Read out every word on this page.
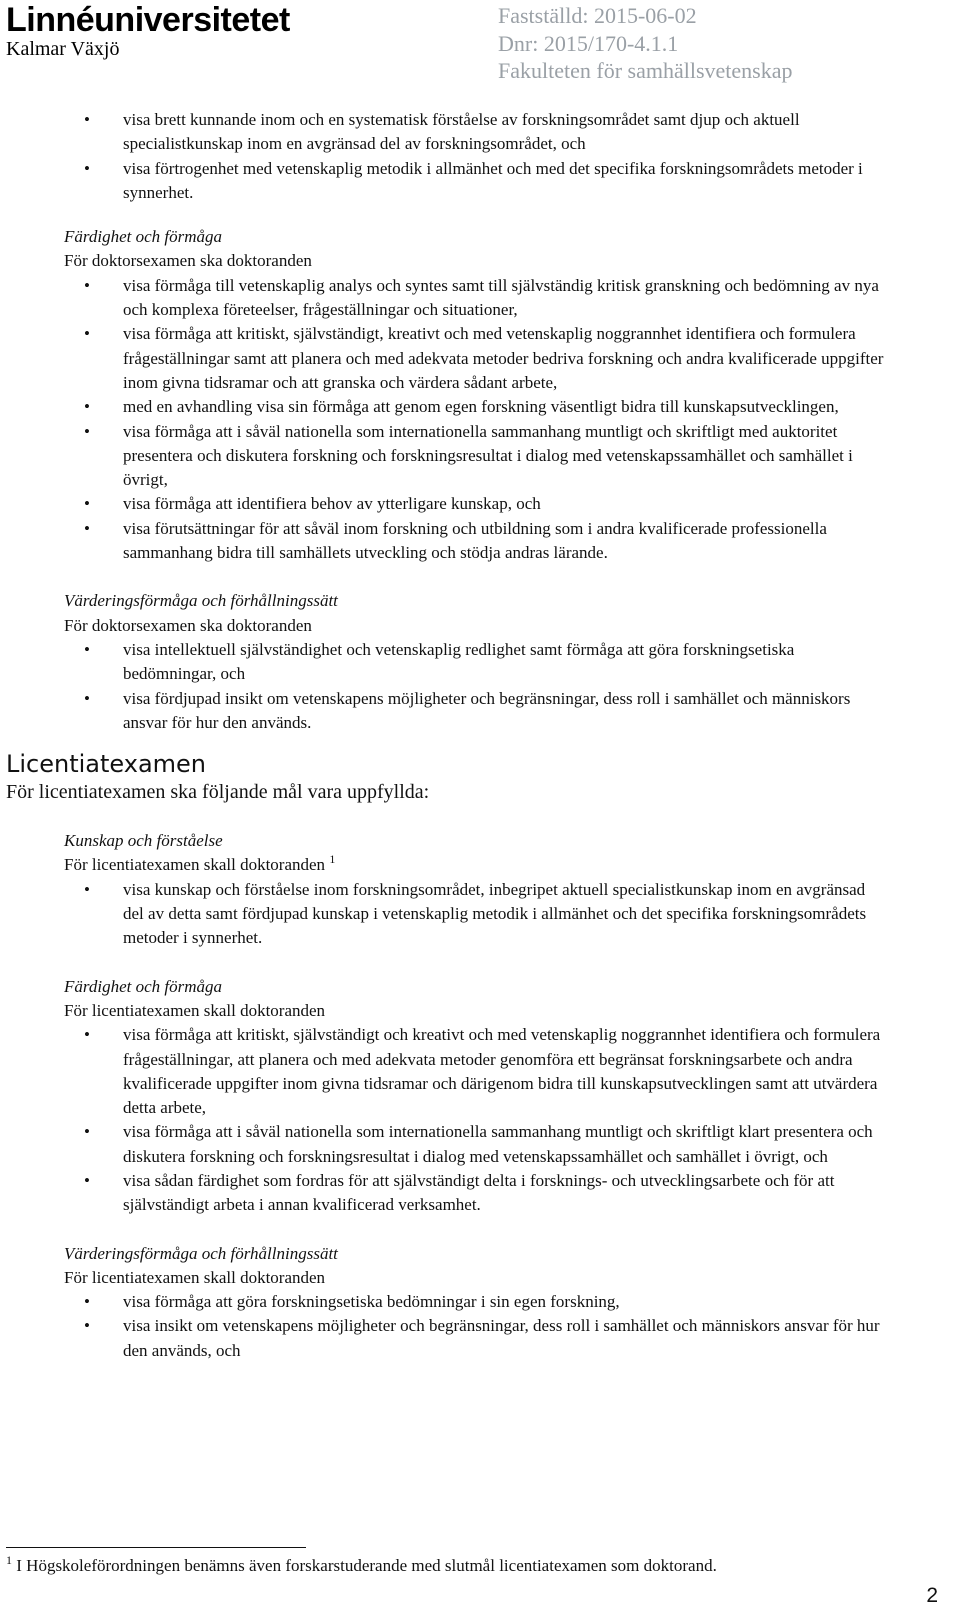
Linnéuniversitetet
Kalmar Växjö
Fastställd: 2015-06-02
Dnr: 2015/170-4.1.1
Fakulteten för samhällsvetenskap
• visa brett kunnande inom och en systematisk förståelse av forskningsområdet samt djup och aktuell specialistkunskap inom en avgränsad del av forskningsområdet, och
• visa förtrogenhet med vetenskaplig metodik i allmänhet och med det specifika forskningsområdets metoder i synnerhet.
Färdighet och förmåga
För doktorsexamen ska doktoranden
• visa förmåga till vetenskaplig analys och syntes samt till självständig kritisk granskning och bedömning av nya och komplexa företeelser, frågeställningar och situationer,
• visa förmåga att kritiskt, självständigt, kreativt och med vetenskaplig noggrannhet identifiera och formulera frågeställningar samt att planera och med adekvata metoder bedriva forskning och andra kvalificerade uppgifter inom givna tidsramar och att granska och värdera sådant arbete,
• med en avhandling visa sin förmåga att genom egen forskning väsentligt bidra till kunskapsutvecklingen,
• visa förmåga att i såväl nationella som internationella sammanhang muntligt och skriftligt med auktoritet presentera och diskutera forskning och forskningsresultat i dialog med vetenskapssamhället och samhället i övrigt,
• visa förmåga att identifiera behov av ytterligare kunskap, och
• visa förutsättningar för att såväl inom forskning och utbildning som i andra kvalificerade professionella sammanhang bidra till samhällets utveckling och stödja andras lärande.
Värderingsförmåga och förhållningssätt
För doktorsexamen ska doktoranden
• visa intellektuell självständighet och vetenskaplig redlighet samt förmåga att göra forskningsetiska bedömningar, och
• visa fördjupad insikt om vetenskapens möjligheter och begränsningar, dess roll i samhället och människors ansvar för hur den används.
Licentiatexamen
För licentiatexamen ska följande mål vara uppfyllda:
Kunskap och förståelse
För licentiatexamen skall doktoranden $^1$
• visa kunskap och förståelse inom forskningsområdet, inbegripet aktuell specialistkunskap inom en avgränsad del av detta samt fördjupad kunskap i vetenskaplig metodik i allmänhet och det specifika forskningsområdets metoder i synnerhet.
Färdighet och förmåga
För licentiatexamen skall doktoranden
• visa förmåga att kritiskt, självständigt och kreativt och med vetenskaplig noggrannhet identifiera och formulera frågeställningar, att planera och med adekvata metoder genomföra ett begränsat forskningsarbete och andra kvalificerade uppgifter inom givna tidsramar och därigenom bidra till kunskapsutvecklingen samt att utvärdera detta arbete,
• visa förmåga att i såväl nationella som internationella sammanhang muntligt och skriftligt klart presentera och diskutera forskning och forskningsresultat i dialog med vetenskapssamhället och samhället i övrigt, och
• visa sådan färdighet som fordras för att självständigt delta i forsknings- och utvecklingsarbete och för att självständigt arbeta i annan kvalificerad verksamhet.
Värderingsförmåga och förhållningssätt
För licentiatexamen skall doktoranden
• visa förmåga att göra forskningsetiska bedömningar i sin egen forskning,
• visa insikt om vetenskapens möjligheter och begränsningar, dess roll i samhället och människors ansvar för hur den används, och
$^1$ I Högskoleförordningen benämns även forskarstuderande med slutmål licentiatexamen som doktorand.
2
